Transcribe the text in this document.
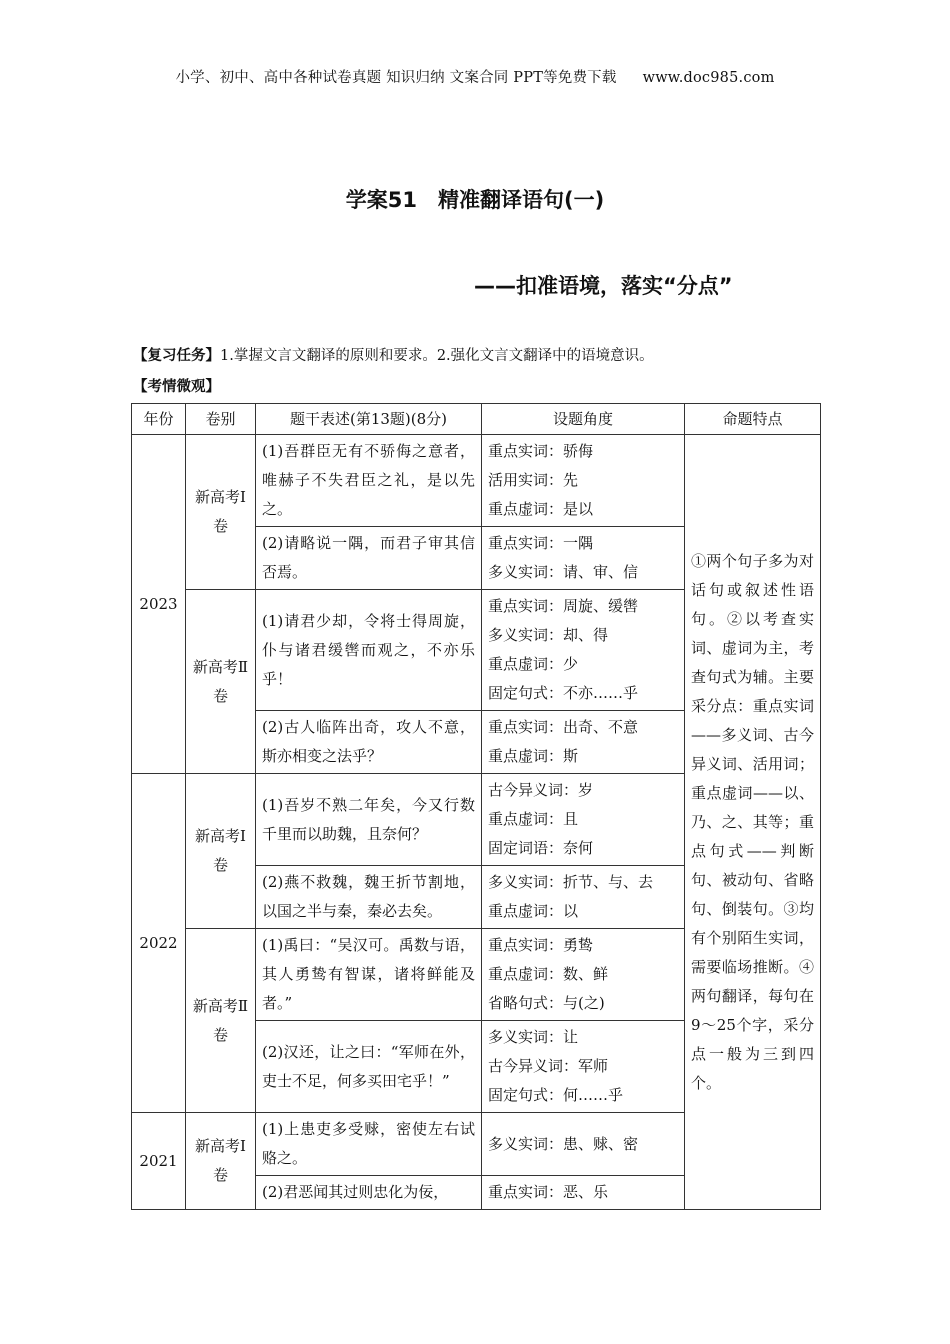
小学、初中、高中各种试卷真题 知识归纳 文案合同 PPT等免费下载 www.doc985.com
学案51　精准翻译语句(一)
——扣准语境，落实“分点”
【复习任务】1.掌握文言文翻译的原则和要求。2.强化文言文翻译中的语境意识。
【考情微观】
年份	卷别	题干表述(第13题)(8分)	设题角度	命题特点
2023	新高考Ⅰ卷	(1)吾群臣无有不骄侮之意者，唯赫子不失君臣之礼，是以先之。	重点实词：骄侮
活用实词：先
重点虚词：是以	①两个句子多为对话句或叙述性语句。②以考查实词、虚词为主，考查句式为辅。主要采分点：重点实词——多义词、古今异义词、活用词；重点虚词——以、乃、之、其等；重点句式——判断句、被动句、省略句、倒装句。③均有个别陌生实词，需要临场推断。④两句翻译，每句在9～25个字，采分点一般为三到四个。
		(2)请略说一隅，而君子审其信否焉。	重点实词：一隅
多义实词：请、审、信	

	新高考Ⅱ卷	(1)请君少却，令将士得周旋，仆与诸君缓辔而观之，不亦乐乎！	重点实词：周旋、缓辔
多义实词：却、得
重点虚词：少
固定句式：不亦……乎	

		(2)古人临阵出奇，攻人不意，斯亦相变之法乎？	重点实词：出奇、不意
重点虚词：斯	

2022	新高考Ⅰ卷	(1)吾岁不熟二年矣，今又行数千里而以助魏，且奈何？	古今异义词：岁
重点虚词：且
固定词语：奈何	

		(2)燕不救魏，魏王折节割地，以国之半与秦，秦必去矣。	多义实词：折节、与、去
重点虚词：以	

	新高考Ⅱ卷	(1)禹曰：“吴汉可。禹数与语，其人勇鸷有智谋，诸将鲜能及者。”	重点实词：勇鸷
重点虚词：数、鲜
省略句式：与(之)	

		(2)汉还，让之曰：“军师在外，吏士不足，何多买田宅乎！”	多义实词：让
古今异义词：军师
固定句式：何……乎	

2021	新高考Ⅰ卷	(1)上患吏多受赇，密使左右试赂之。	多义实词：患、赇、密	

		(2)君恶闻其过则忠化为佞，	重点实词：恶、乐	
